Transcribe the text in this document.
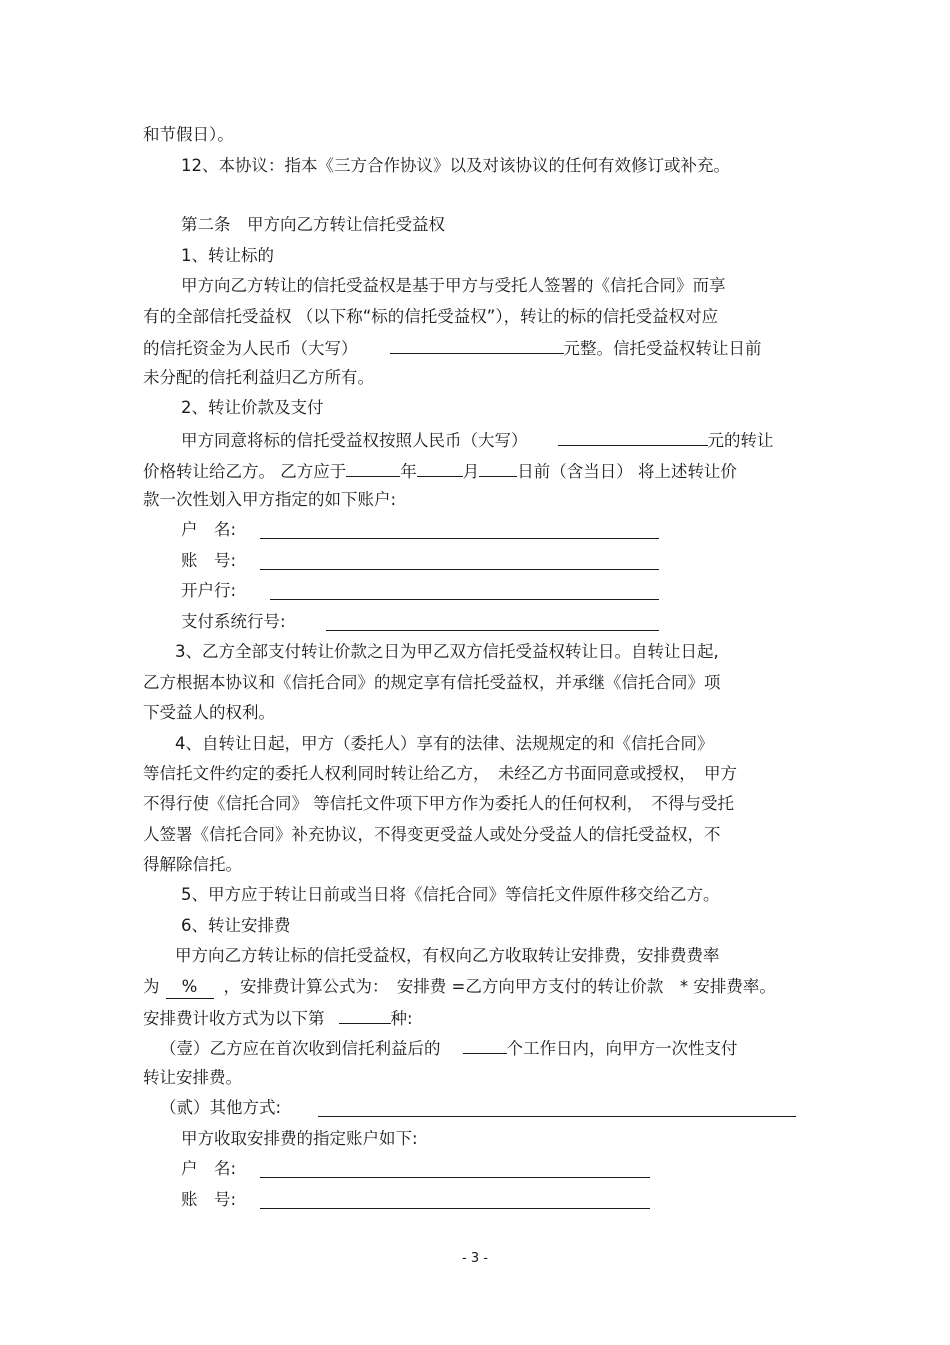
和节假日）。
12、本协议：指本《三方合作协议》以及对该协议的任何有效修订或补充。
第二条　甲方向乙方转让信托受益权
1、转让标的
甲方向乙方转让的信托受益权是基于甲方与受托人签署的《信托合同》而享
有的全部信托受益权 （以下称“标的信托受益权”），转让的标的信托受益权对应
的信托资金为人民币（大写）	元整。信托受益权转让日前
未分配的信托利益归乙方所有。
2、转让价款及支付
甲方同意将标的信托受益权按照人民币（大写）	元的转让
价格转让给乙方。 乙方应于	年	月 日前（含当日） 将上述转让价
款一次性划入甲方指定的如下账户:
户　名:
账　号:
开户行:
支付系统行号:
3、乙方全部支付转让价款之日为甲乙双方信托受益权转让日。自转让日起,
乙方根据本协议和《信托合同》的规定享有信托受益权，并承继《信托合同》项
下受益人的权利。
4、自转让日起，甲方（委托人）享有的法律、法规规定的和《信托合同》
等信托文件约定的委托人权利同时转让给乙方，　未经乙方书面同意或授权，　甲方
不得行使《信托合同》 等信托文件项下甲方作为委托人的任何权利，　不得与受托
人签署《信托合同》补充协议，不得变更受益人或处分受益人的信托受益权，不
得解除信托。
5、甲方应于转让日前或当日将《信托合同》等信托文件原件移交给乙方。
6、转让安排费
甲方向乙方转让标的信托受益权，有权向乙方收取转让安排费，安排费费率
为 % ，安排费计算公式为：　安排费 =乙方向甲方支付的转让价款　* 安排费率。
安排费计收方式为以下第	种:
（壹）乙方应在首次收到信托利益后的	个工作日内，向甲方一次性支付
转让安排费。
（贰）其他方式:
甲方收取安排费的指定账户如下:
户　名:
账　号:
- 3 -
